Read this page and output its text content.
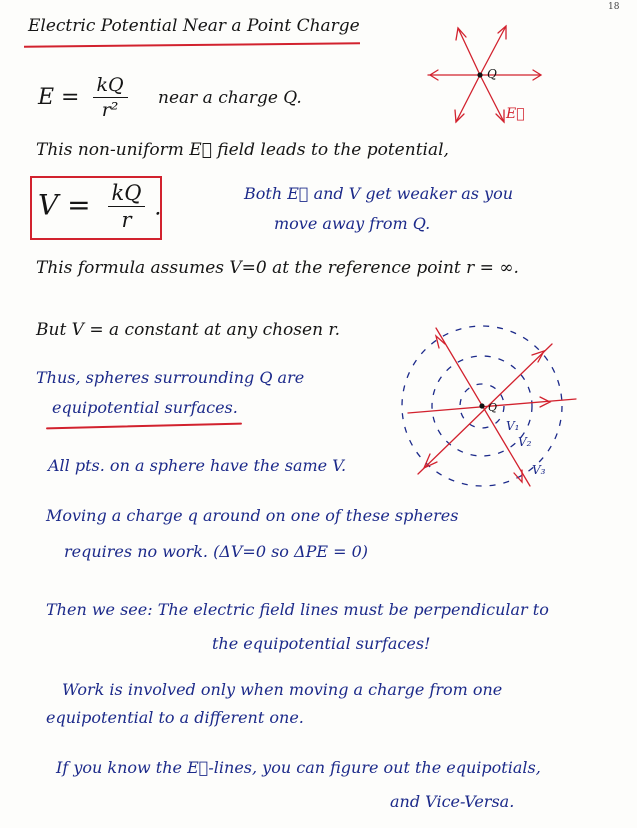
18
Electric Potential Near a Point Charge
$E = \frac{kQ}{\text{r²}}$ near a charge Q.
Q
E⃗
This non-uniform E⃗ field leads to the potential,
$V = \frac{kQ}{r}$ .
Both E⃗ and V get weaker as you
move away from Q.
This formula assumes V=0 at the reference point r = ∞.
But V = a constant at any chosen r.
Thus, spheres surrounding Q are
equipotential surfaces.	Q
V₁
V₂
V₃
All pts. on a sphere have the same V.
Moving a charge q around on one of these spheres
requires no work. (ΔV=0 so ΔPE = 0)
Then we see: The electric field lines must be perpendicular to
the equipotential surfaces!
Work is involved only when moving a charge from one
equipotential to a different one.
If you know the E⃗-lines, you can figure out the equipotials,
and Vice-Versa.
